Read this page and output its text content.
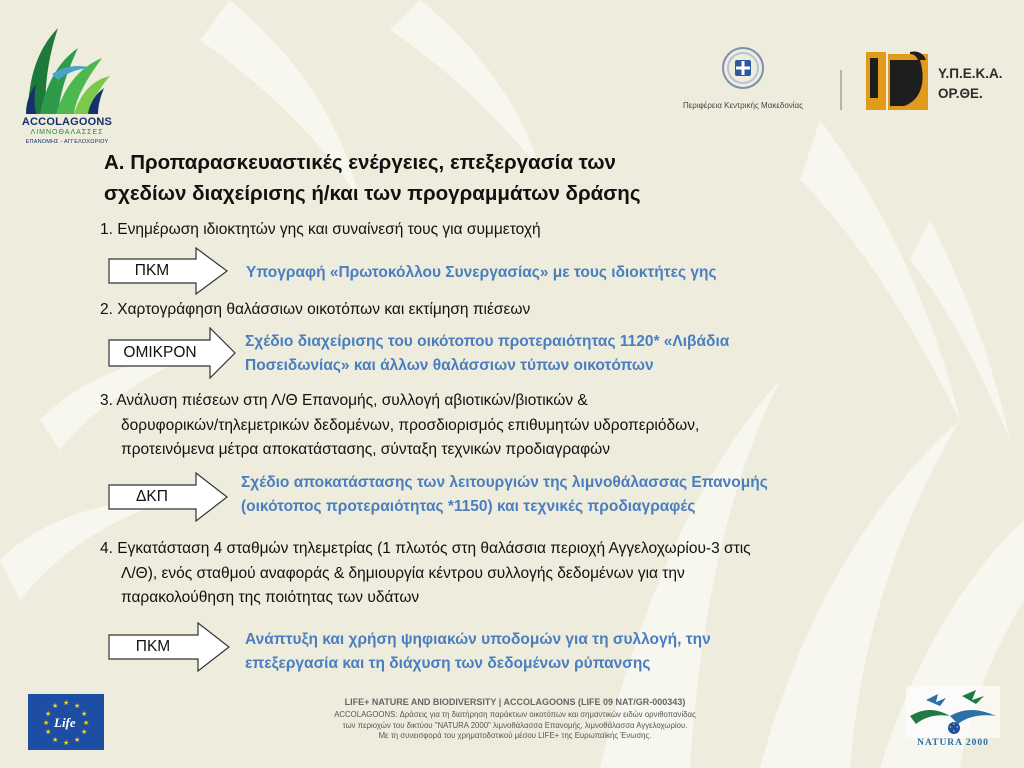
ACCOLAGOONS
ΛΙΜΝΟΘΑΛΑΣΣΕΣ
ΕΠΑΝΟΜΗΣ - ΑΓΓΕΛΟΧΩΡΙΟΥ
Περιφέρεια Κεντρικής Μακεδονίας
Υ.Π.Ε.Κ.Α.
ΟΡ.ΘΕ.
Α. Προπαρασκευαστικές ενέργειες, επεξεργασία των
σχεδίων διαχείρισης ή/και των προγραμμάτων δράσης

1. Ενημέρωση ιδιοκτητών γης και συναίνεσή τους για συμμετοχή

ΠΚΜ	Υπογραφή «Πρωτοκόλλου Συνεργασίας» με τους ιδιοκτήτες γης

2. Χαρτογράφηση θαλάσσιων οικοτόπων και εκτίμηση πιέσεων

ΟΜΙΚΡΟΝ

Σχέδιο διαχείρισης του οικότοπου προτεραιότητας 1120* «Λιβάδια

Ποσειδωνίας» και άλλων θαλάσσιων τύπων οικοτόπων

3. Ανάλυση πιέσεων στη Λ/Θ Επανομής, συλλογή αβιοτικών/βιοτικών &

δορυφορικών/τηλεμετρικών δεδομένων, προσδιορισμός επιθυμητών υδροπεριόδων,

προτεινόμενα μέτρα αποκατάστασης, σύνταξη τεχνικών προδιαγραφών

ΔΚΠ

Σχέδιο αποκατάστασης των λειτουργιών της λιμνοθάλασσας Επανομής

(οικότοπος προτεραιότητας *1150) και τεχνικές προδιαγραφές

4. Εγκατάσταση 4 σταθμών τηλεμετρίας (1 πλωτός στη θαλάσσια περιοχή Αγγελοχωρίου-3 στις

Λ/Θ), ενός σταθμού αναφοράς & δημιουργία κέντρου συλλογής δεδομένων για την

παρακολούθηση της ποιότητας των υδάτων

ΠΚΜ	Ανάπτυξη και χρήση ψηφιακών υποδομών για τη συλλογή, την

επεξεργασία και τη διάχυση των δεδομένων ρύπανσης

★ ★
★
★
★
★
★
★
★
★
★
★
Life
LIFE+ NATURE AND BIODIVERSITY | ACCOLAGOONS (LIFE 09 NAT/GR-000343)
ACCOLAGOONS: Δράσεις για τη διατήρηση παράκτιων οικοτόπων και σημαντικών ειδών ορνιθοπανίδας
των περιοχών του δικτύου "NATURA 2000" λιμνοθάλασσα Επανομής, λιμνοθάλασσα Αγγελοχωρίου.
Με τη συνεισφορά του χρηματοδοτικού μέσου LIFE+ της Ευρωπαϊκής Ένωσης.
★
★
★
★
NATURA 2000
